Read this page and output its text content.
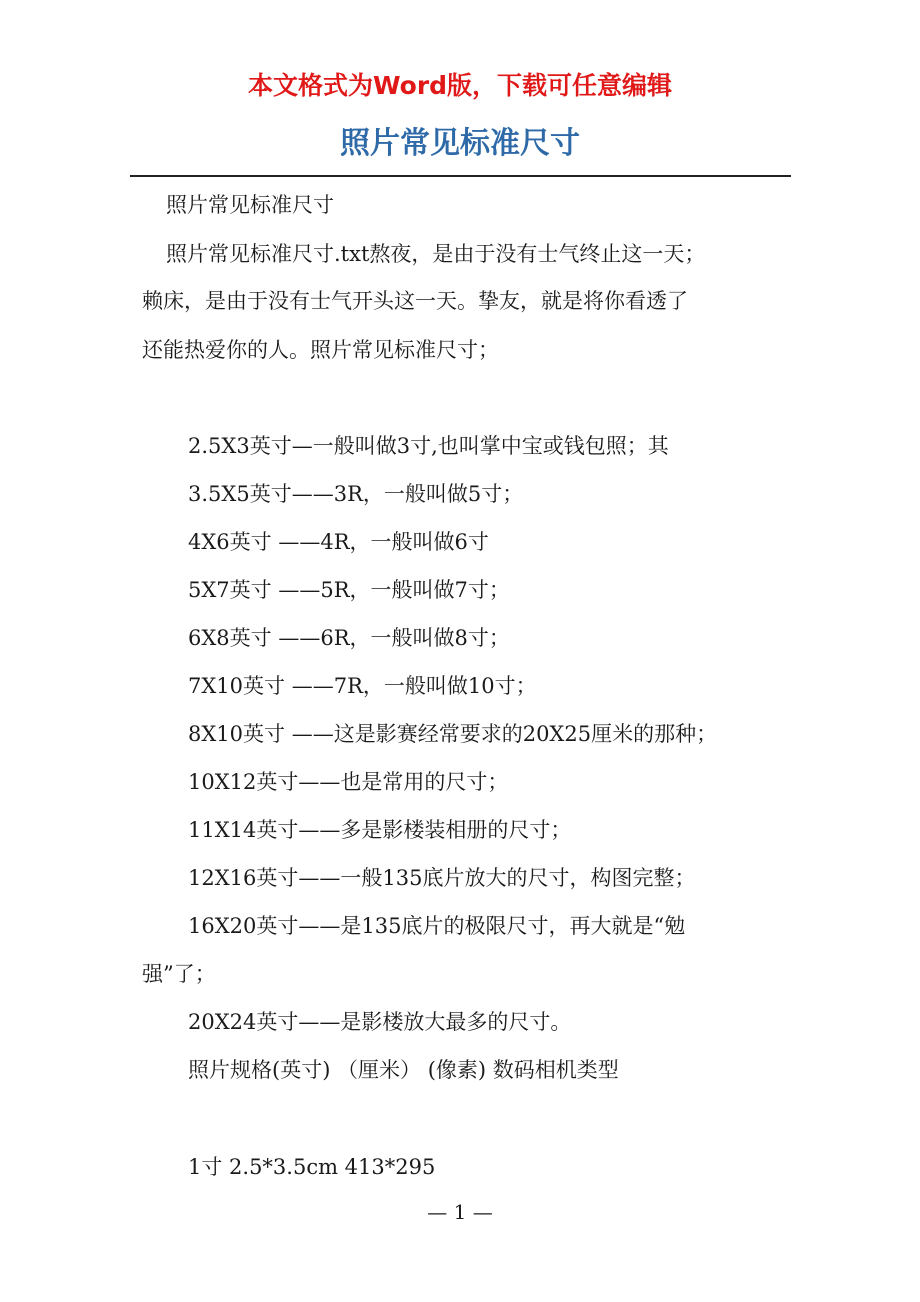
本文格式为Word版，下载可任意编辑
照片常见标准尺寸
照片常见标准尺寸
照片常见标准尺寸.txt熬夜，是由于没有士气终止这一天；
赖床，是由于没有士气开头这一天。挚友，就是将你看透了
还能热爱你的人。照片常见标准尺寸；
2.5X3英寸—一般叫做3寸,也叫掌中宝或钱包照；其
3.5X5英寸——3R，一般叫做5寸；
4X6英寸 ——4R，一般叫做6寸
5X7英寸 ——5R，一般叫做7寸；
6X8英寸 ——6R，一般叫做8寸；
7X10英寸 ——7R，一般叫做10寸；
8X10英寸 ——这是影赛经常要求的20X25厘米的那种；
10X12英寸——也是常用的尺寸；
11X14英寸——多是影楼装相册的尺寸；
12X16英寸——一般135底片放大的尺寸，构图完整；
16X20英寸——是135底片的极限尺寸，再大就是“勉
强”了；
20X24英寸——是影楼放大最多的尺寸。
照片规格(英寸) （厘米） (像素) 数码相机类型
1寸 2.5*3.5cm 413*295
— 1 —
